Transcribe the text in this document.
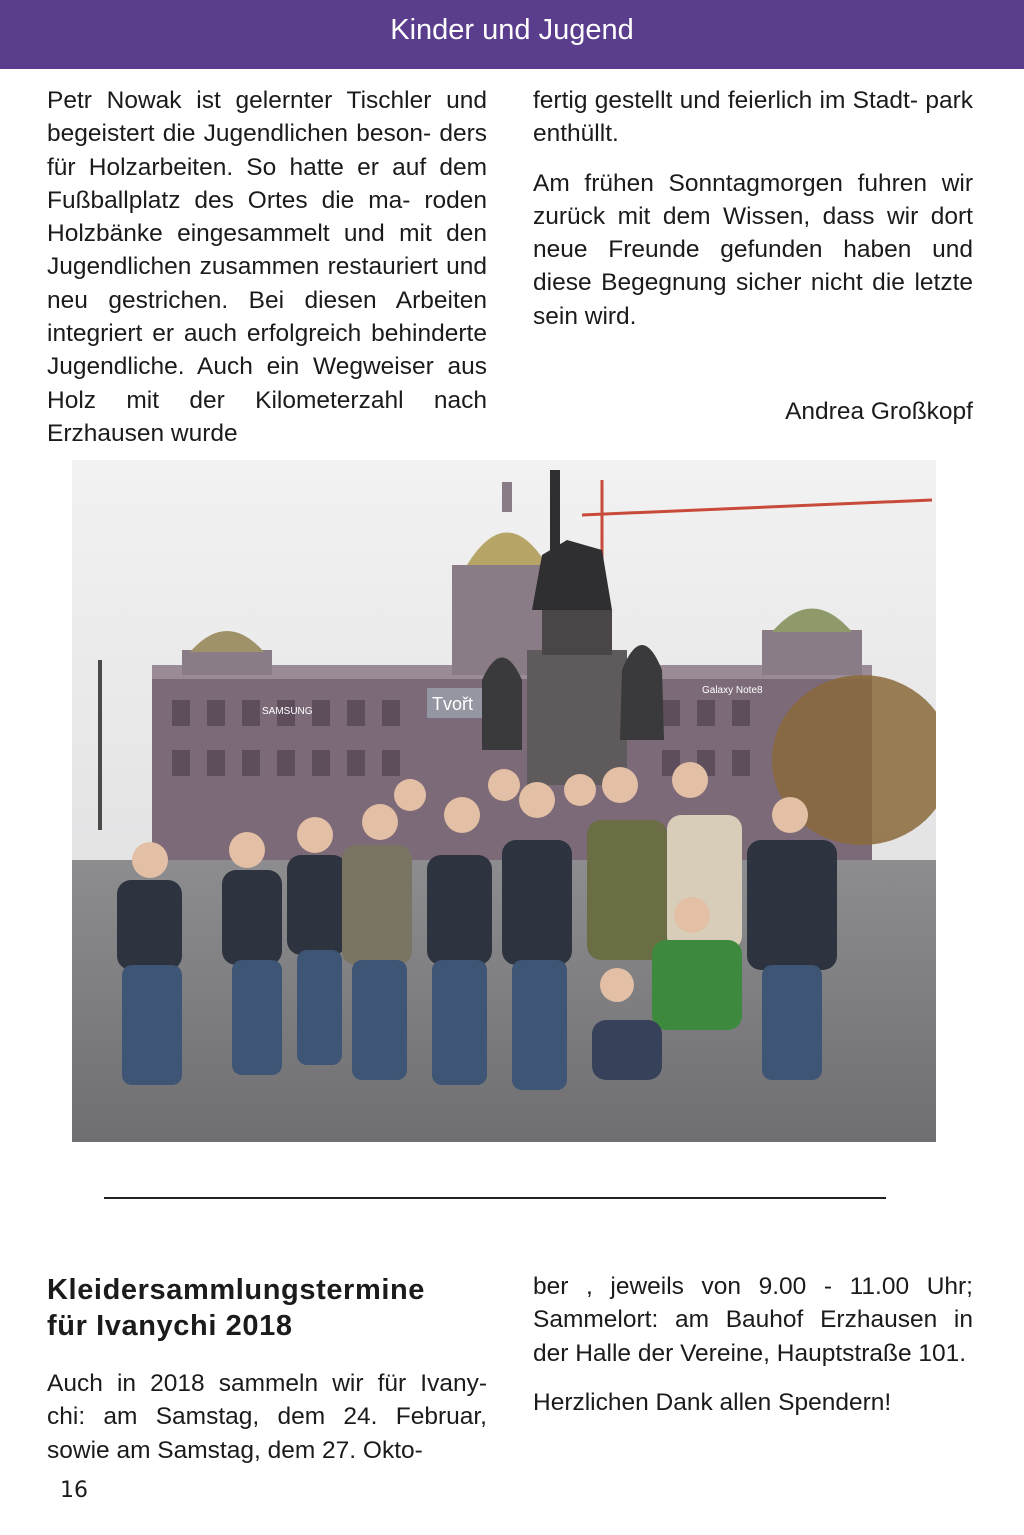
Kinder und Jugend

Petr Nowak ist gelernter Tischler und begeistert die Jugendlichen beson- ders für Holzarbeiten. So hatte er auf dem Fußballplatz des Ortes die ma- roden Holzbänke eingesammelt und mit den Jugendlichen zusammen restauriert und neu gestrichen. Bei diesen Arbeiten integriert er auch erfolgreich behinderte Jugendliche. Auch ein Wegweiser aus Holz mit der Kilometerzahl nach Erzhausen wurde

fertig gestellt und feierlich im Stadt- park enthüllt.

Am frühen Sonntagmorgen fuhren wir zurück mit dem Wissen, dass wir dort neue Freunde gefunden haben und diese Begegnung sicher nicht die letzte sein wird.

Andrea Großkopf
SAMSUNG	Tvořt
Galaxy Note8
Kleidersammlungstermine
für Ivanychi 2018

Auch in 2018 sammeln wir für Ivany- chi: am Samstag, dem 24. Februar, sowie am Samstag, dem 27. Okto-

ber , jeweils von 9.00 - 11.00 Uhr; Sammelort: am Bauhof Erzhausen in der Halle der Vereine, Hauptstraße 101.

Herzlichen Dank allen Spendern!

16
